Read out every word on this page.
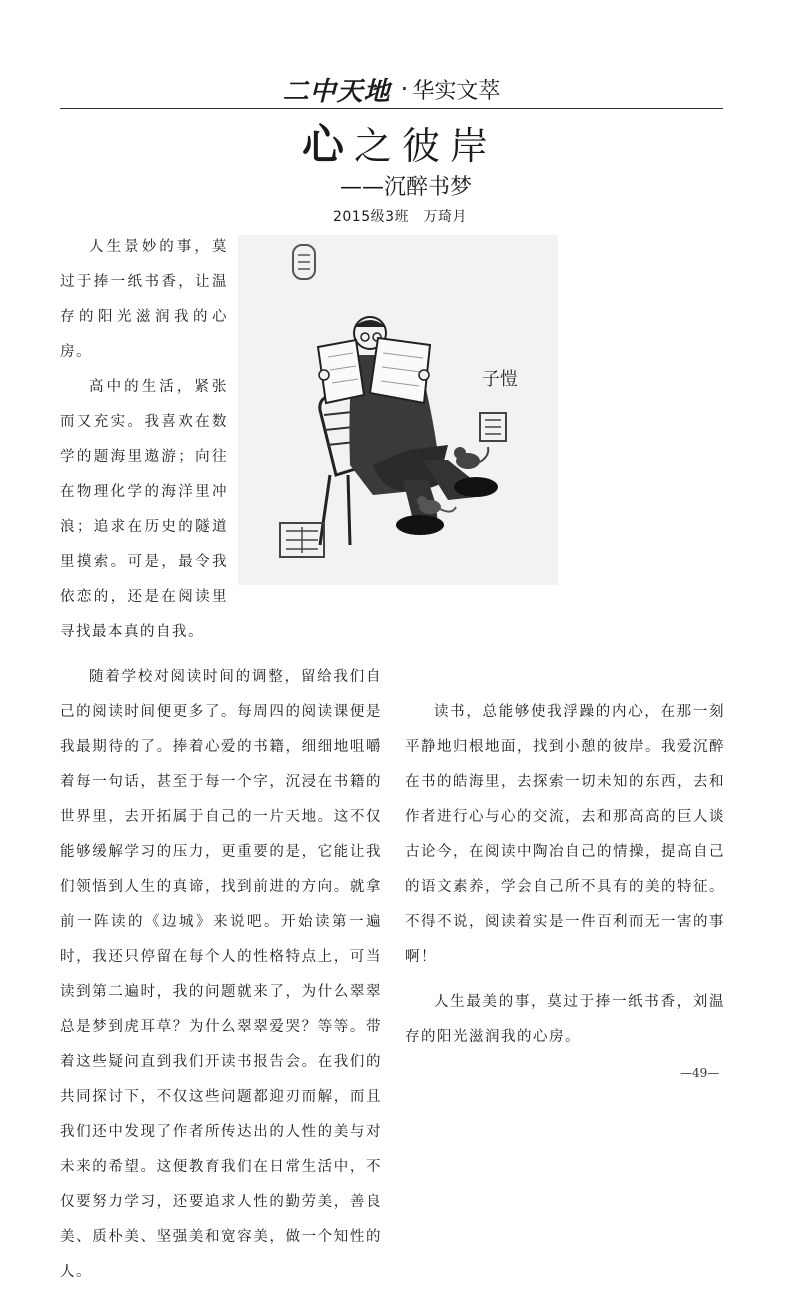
二中天地 · 华实文萃
心之彼岸
——沉醉书梦
2015级3班　万琦月
子愷

人生景妙的事，莫过于捧一纸书香，让温存的阳光滋润我的心房。

高中的生活，紧张而又充实。我喜欢在数学的题海里遨游；向往在物理化学的海洋里冲浪；追求在历史的隧道里摸索。可是，最令我依恋的，还是在阅读里寻找最本真的自我。

随着学校对阅读时间的调整，留给我们自己的阅读时间便更多了。每周四的阅读课便是我最期待的了。捧着心爱的书籍，细细地咀嚼着每一句话，甚至于每一个字，沉浸在书籍的世界里，去开拓属于自己的一片天地。这不仅能够缓解学习的压力，更重要的是，它能让我们领悟到人生的真谛，找到前进的方向。就拿前一阵读的《边城》来说吧。开始读第一遍时，我还只停留在每个人的性格特点上，可当读到第二遍时，我的问题就来了，为什么翠翠总是梦到虎耳草？为什么翠翠爱哭？等等。带着这些疑问直到我们开读书报告会。在我们的共同探讨下，不仅这些问题都迎刃而解，而且我们还中发现了作者所传达出的人性的美与对未来的希望。这便教育我们在日常生活中，不仅要努力学习，还要追求人性的勤劳美，善良美、质朴美、坚强美和宽容美，做一个知性的人。

读书，总能够使我浮躁的内心，在那一刻平静地归根地面，找到小憩的彼岸。我爱沉醉在书的皓海里，去探索一切未知的东西，去和作者进行心与心的交流，去和那高高的巨人谈古论今，在阅读中陶冶自己的情操，提高自己的语文素养，学会自己所不具有的美的特征。不得不说，阅读着实是一件百利而无一害的事啊！

人生最美的事，莫过于捧一纸书香，刘温存的阳光滋润我的心房。

—49—
